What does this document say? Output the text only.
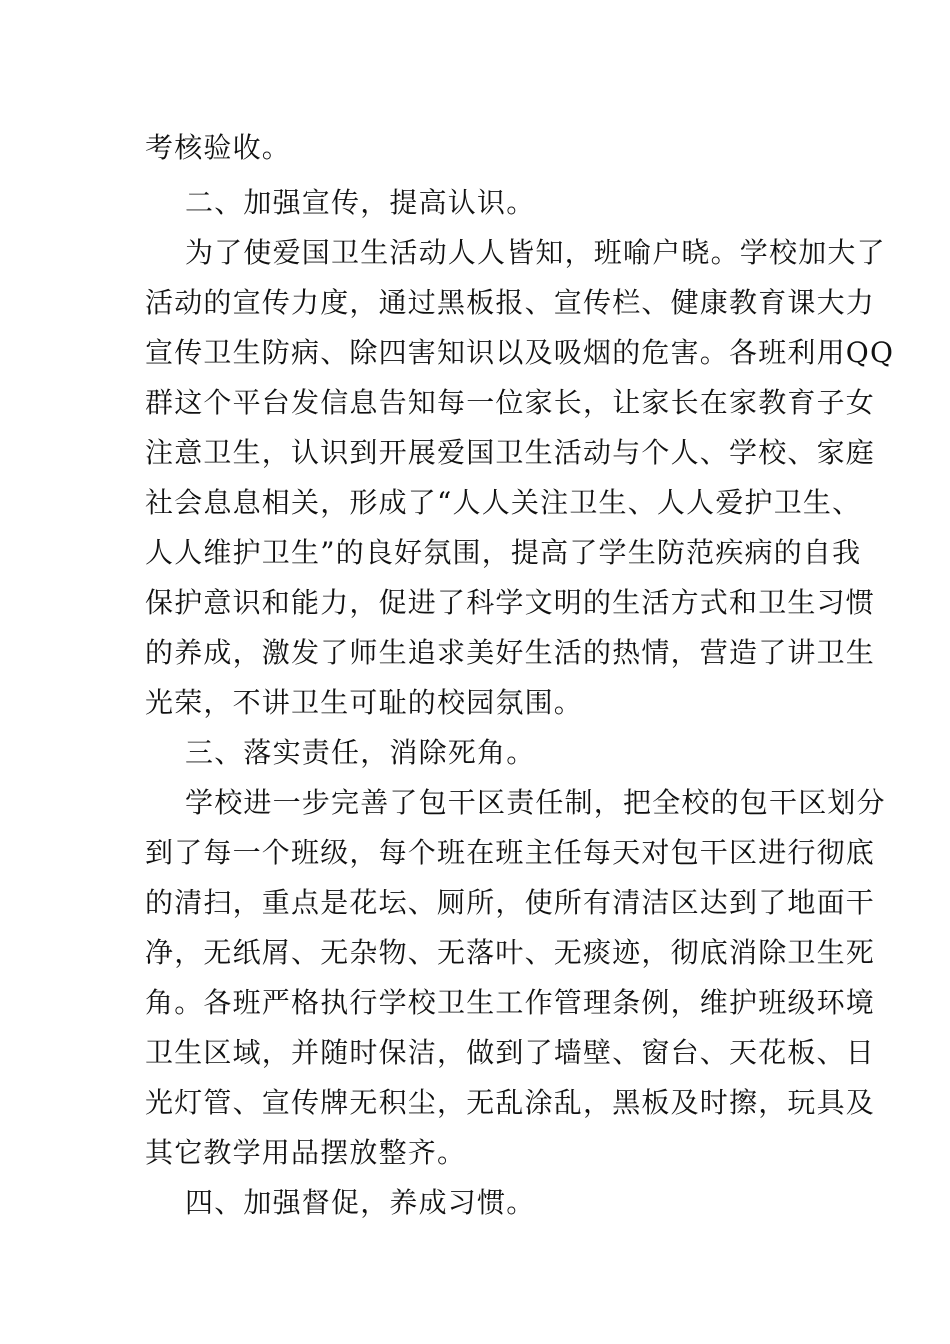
考核验收。
二、加强宣传，提高认识。
为了使爱国卫生活动人人皆知，班喻户晓。学校加大了
活动的宣传力度，通过黑板报、宣传栏、健康教育课大力
宣传卫生防病、除四害知识以及吸烟的危害。各班利用QQ
群这个平台发信息告知每一位家长，让家长在家教育子女
注意卫生，认识到开展爱国卫生活动与个人、学校、家庭
社会息息相关，形成了“人人关注卫生、人人爱护卫生、
人人维护卫生”的良好氛围，提高了学生防范疾病的自我
保护意识和能力，促进了科学文明的生活方式和卫生习惯
的养成，激发了师生追求美好生活的热情，营造了讲卫生
光荣，不讲卫生可耻的校园氛围。
三、落实责任，消除死角。
学校进一步完善了包干区责任制，把全校的包干区划分
到了每一个班级，每个班在班主任每天对包干区进行彻底
的清扫，重点是花坛、厕所，使所有清洁区达到了地面干
净，无纸屑、无杂物、无落叶、无痰迹，彻底消除卫生死
角。各班严格执行学校卫生工作管理条例，维护班级环境
卫生区域，并随时保洁，做到了墙壁、窗台、天花板、日
光灯管、宣传牌无积尘，无乱涂乱，黑板及时擦，玩具及
其它教学用品摆放整齐。
四、加强督促，养成习惯。
